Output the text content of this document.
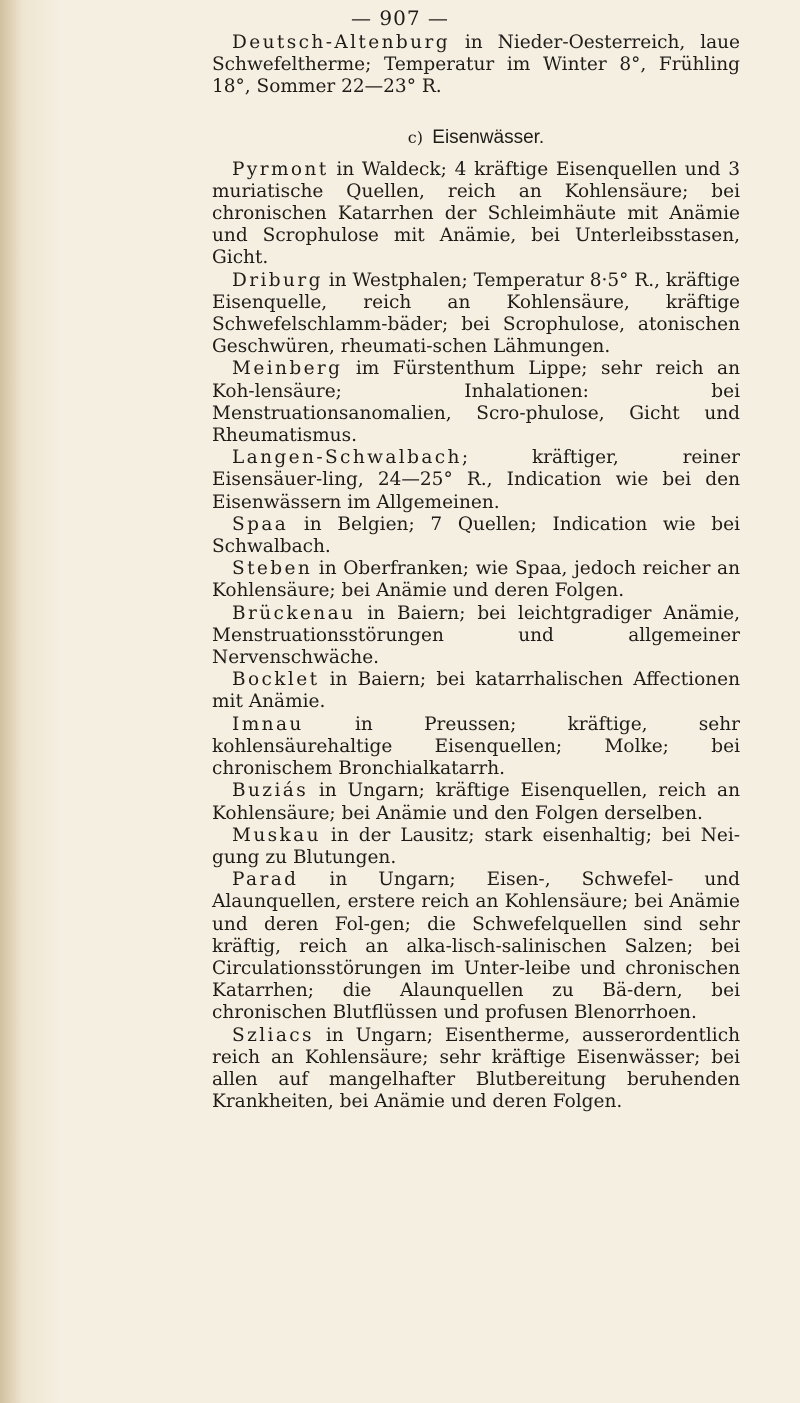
— 907 —

Deutsch-Altenburg in Nieder-Oesterreich, laue Schwefeltherme; Temperatur im Winter 8°, Frühling 18°, Sommer 22—23° R.

c) Eisenwässer.

Pyrmont in Waldeck; 4 kräftige Eisenquellen und 3 muriatische Quellen, reich an Kohlensäure; bei chronischen Katarrhen der Schleimhäute mit Anämie und Scrophulose mit Anämie, bei Unterleibsstasen, Gicht.

Driburg in Westphalen; Temperatur 8·5° R., kräftige Eisenquelle, reich an Kohlensäure, kräftige Schwefelschlamm-bäder; bei Scrophulose, atonischen Geschwüren, rheumati-schen Lähmungen.

Meinberg im Fürstenthum Lippe; sehr reich an Koh-lensäure; Inhalationen: bei Menstruationsanomalien, Scro-phulose, Gicht und Rheumatismus.

Langen-Schwalbach; kräftiger, reiner Eisensäuer-ling, 24—25° R., Indication wie bei den Eisenwässern im Allgemeinen.

Spaa in Belgien; 7 Quellen; Indication wie bei Schwalbach.

Steben in Oberfranken; wie Spaa, jedoch reicher an Kohlensäure; bei Anämie und deren Folgen.

Brückenau in Baiern; bei leichtgradiger Anämie, Menstruationsstörungen und allgemeiner Nervenschwäche.

Bocklet in Baiern; bei katarrhalischen Affectionen mit Anämie.

Imnau in Preussen; kräftige, sehr kohlensäurehaltige Eisenquellen; Molke; bei chronischem Bronchialkatarrh.

Buziás in Ungarn; kräftige Eisenquellen, reich an Kohlensäure; bei Anämie und den Folgen derselben.

Muskau in der Lausitz; stark eisenhaltig; bei Nei-gung zu Blutungen.

Parad in Ungarn; Eisen-, Schwefel- und Alaunquellen, erstere reich an Kohlensäure; bei Anämie und deren Fol-gen; die Schwefelquellen sind sehr kräftig, reich an alka-lisch-salinischen Salzen; bei Circulationsstörungen im Unter-leibe und chronischen Katarrhen; die Alaunquellen zu Bä-dern, bei chronischen Blutflüssen und profusen Blenorrhoen.

Szliacs in Ungarn; Eisentherme, ausserordentlich reich an Kohlensäure; sehr kräftige Eisenwässer; bei allen auf mangelhafter Blutbereitung beruhenden Krankheiten, bei Anämie und deren Folgen.
